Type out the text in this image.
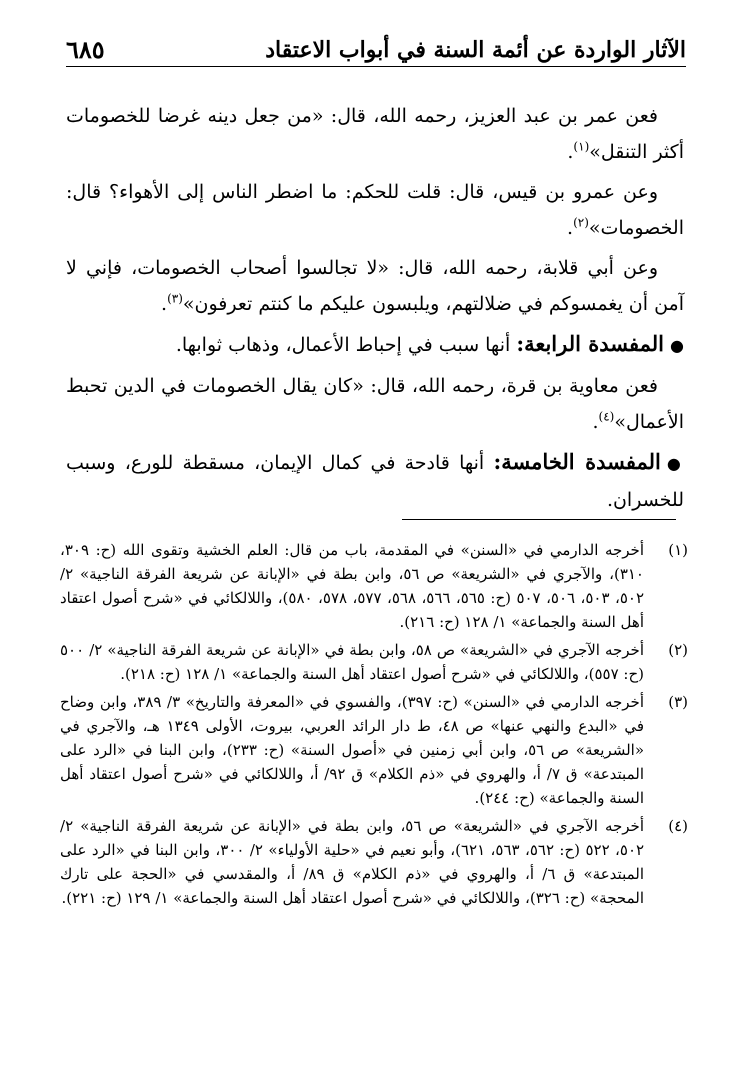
٦٨٥	الآثار الواردة عن أئمة السنة في أبواب الاعتقاد

فعن عمر بن عبد العزيز، رحمه الله، قال: «من جعل دينه غرضا للخصومات أكثر التنقل»$^{(١)}$.

وعن عمرو بن قيس، قال: قلت للحكم: ما اضطر الناس إلى الأهواء؟ قال: الخصومات»$^{(٢)}$.

وعن أبي قلابة، رحمه الله، قال: «لا تجالسوا أصحاب الخصومات، فإني لا آمن أن يغمسوكم في ضلالتهم، ويلبسون عليكم ما كنتم تعرفون»$^{(٣)}$.

●المفسدة الرابعة: أنها سبب في إحباط الأعمال، وذهاب ثوابها.

فعن معاوية بن قرة، رحمه الله، قال: «كان يقال الخصومات في الدين تحبط الأعمال»$^{(٤)}$.

●المفسدة الخامسة: أنها قادحة في كمال الإيمان، مسقطة للورع، وسبب للخسران.

(١)
أخرجه الدارمي في «السنن» في المقدمة، باب من قال: العلم الخشية وتقوى الله (ح: ٣٠٩، ٣١٠)، والآجري في «الشريعة» ص ٥٦، وابن بطة في «الإبانة عن شريعة الفرقة الناجية» ٢/ ٥٠٢، ٥٠٣، ٥٠٦، ٥٠٧ (ح: ٥٦٥، ٥٦٦، ٥٦٨، ٥٧٧، ٥٧٨، ٥٨٠)، واللالكائي في «شرح أصول اعتقاد أهل السنة والجماعة» ١/ ١٢٨ (ح: ٢١٦).
(٢)
أخرجه الآجري في «الشريعة» ص ٥٨، وابن بطة في «الإبانة عن شريعة الفرقة الناجية» ٢/ ٥٠٠ (ح: ٥٥٧)، واللالكائي في «شرح أصول اعتقاد أهل السنة والجماعة» ١/ ١٢٨ (ح: ٢١٨).
(٣)
أخرجه الدارمي في «السنن» (ح: ٣٩٧)، والفسوي في «المعرفة والتاريخ» ٣/ ٣٨٩، وابن وضاح في «البدع والنهي عنها» ص ٤٨، ط دار الرائد العربي، بيروت، الأولى ١٣٤٩ هـ، والآجري في «الشريعة» ص ٥٦، وابن أبي زمنين في «أصول السنة» (ح: ٢٣٣)، وابن البنا في «الرد على المبتدعة» ق ٧/ أ، والهروي في «ذم الكلام» ق ٩٢/ أ، واللالكائي في «شرح أصول اعتقاد أهل السنة والجماعة» (ح: ٢٤٤).
(٤)
أخرجه الآجري في «الشريعة» ص ٥٦، وابن بطة في «الإبانة عن شريعة الفرقة الناجية» ٢/ ٥٠٢، ٥٢٢ (ح: ٥٦٢، ٥٦٣، ٦٢١)، وأبو نعيم في «حلية الأولياء» ٢/ ٣٠٠، وابن البنا في «الرد على المبتدعة» ق ٦/ أ، والهروي في «ذم الكلام» ق ٨٩/ أ، والمقدسي في «الحجة على تارك المحجة» (ح: ٣٢٦)، واللالكائي في «شرح أصول اعتقاد أهل السنة والجماعة» ١/ ١٢٩ (ح: ٢٢١).
